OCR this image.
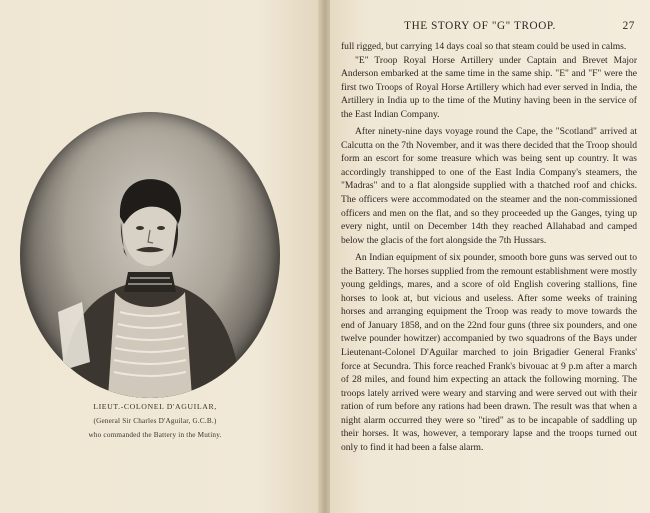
LIEUT.-COLONEL D'AGUILAR,
(General Sir Charles D'Aguilar, G.C.B.)
who commanded the Battery in the Mutiny.
THE STORY OF "G" TROOP.	27

full rigged, but carrying 14 days coal so that steam could be used in calms.

"E" Troop Royal Horse Artillery under Captain and Brevet Major Anderson embarked at the same time in the same ship. "E" and "F" were the first two Troops of Royal Horse Artillery which had ever served in India, the Artillery in India up to the time of the Mutiny having been in the service of the East Indian Company.

After ninety-nine days voyage round the Cape, the "Scotland" arrived at Calcutta on the 7th November, and it was there decided that the Troop should form an escort for some treasure which was being sent up country. It was accordingly transhipped to one of the East India Company's steamers, the "Madras" and to a flat alongside supplied with a thatched roof and chicks. The officers were accommodated on the steamer and the non-commissioned officers and men on the flat, and so they proceeded up the Ganges, tying up every night, until on December 14th they reached Allahabad and camped below the glacis of the fort alongside the 7th Hussars.

An Indian equipment of six pounder, smooth bore guns was served out to the Battery. The horses supplied from the remount establishment were mostly young geldings, mares, and a score of old English covering stallions, fine horses to look at, but vicious and useless. After some weeks of training horses and arranging equipment the Troop was ready to move towards the end of January 1858, and on the 22nd four guns (three six pounders, and one twelve pounder howitzer) accompanied by two squadrons of the Bays under Lieutenant-Colonel D'Aguilar marched to join Brigadier General Franks' force at Secundra. This force reached Frank's bivouac at 9 p.m after a march of 28 miles, and found him expecting an attack the following morning. The troops lately arrived were weary and starving and were served out with their ration of rum before any rations had been drawn. The result was that when a night alarm occurred they were so "tired" as to be incapable of saddling up their horses. It was, however, a temporary lapse and the troops turned out only to find it had been a false alarm.
